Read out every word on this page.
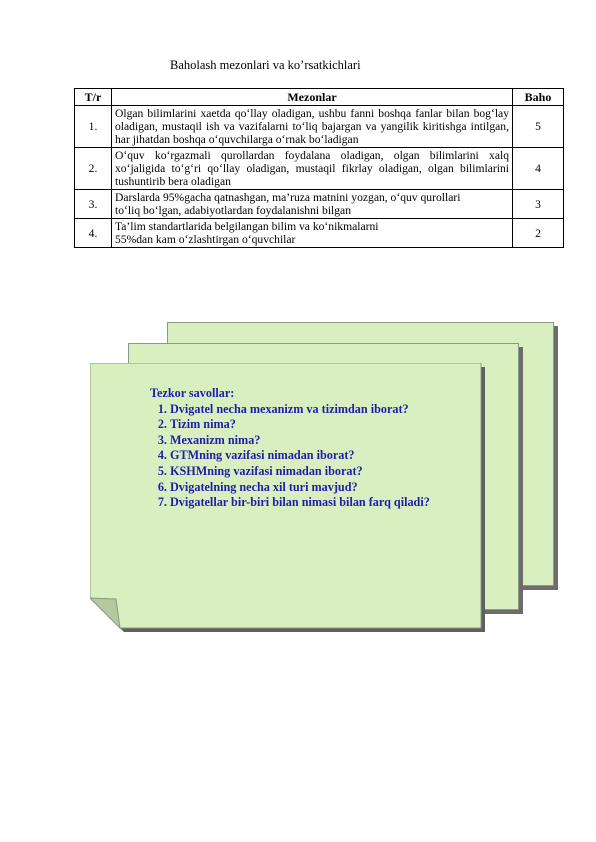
Baholash mezonlari va ko’rsatkichlari
T/r	Mezonlar	Baho
1.	Olgan bilimlarini xaetda qo‘llay oladigan, ushbu fanni boshqa fanlar bilan bog‘lay oladigan, mustaqil ish va vazifalarni to‘liq bajargan va yangilik kiritishga intilgan, har jihatdan boshqa o‘quvchilarga o‘rnak bo‘ladigan	5
2.	O‘quv ko‘rgazmali qurollardan foydalana oladigan, olgan bilimlarini xalq xo‘jaligida to‘g‘ri qo‘llay oladigan, mustaqil fikrlay oladigan, olgan bilimlarini tushuntirib bera oladigan	4
3.	Darslarda 95%gacha qatnashgan, ma’ruza matnini yozgan, o‘quv qurollari to‘liq bo‘lgan, adabiyotlardan foydalanishni bilgan	3
4.	Ta’lim standartlarida belgilangan bilim va ko‘nikmalarni 55%dan kam o‘zlashtirgan o‘quvchilar	2
Tezkor savollar:
1. Dvigatel necha mexanizm va tizimdan iborat?
2. Tizim nima?
3. Mexanizm nima?
4. GTMning vazifasi nimadan iborat?
5. KSHMning vazifasi nimadan iborat?
6. Dvigatelning necha xil turi mavjud?
7. Dvigatellar bir-biri bilan nimasi bilan farq qiladi?
